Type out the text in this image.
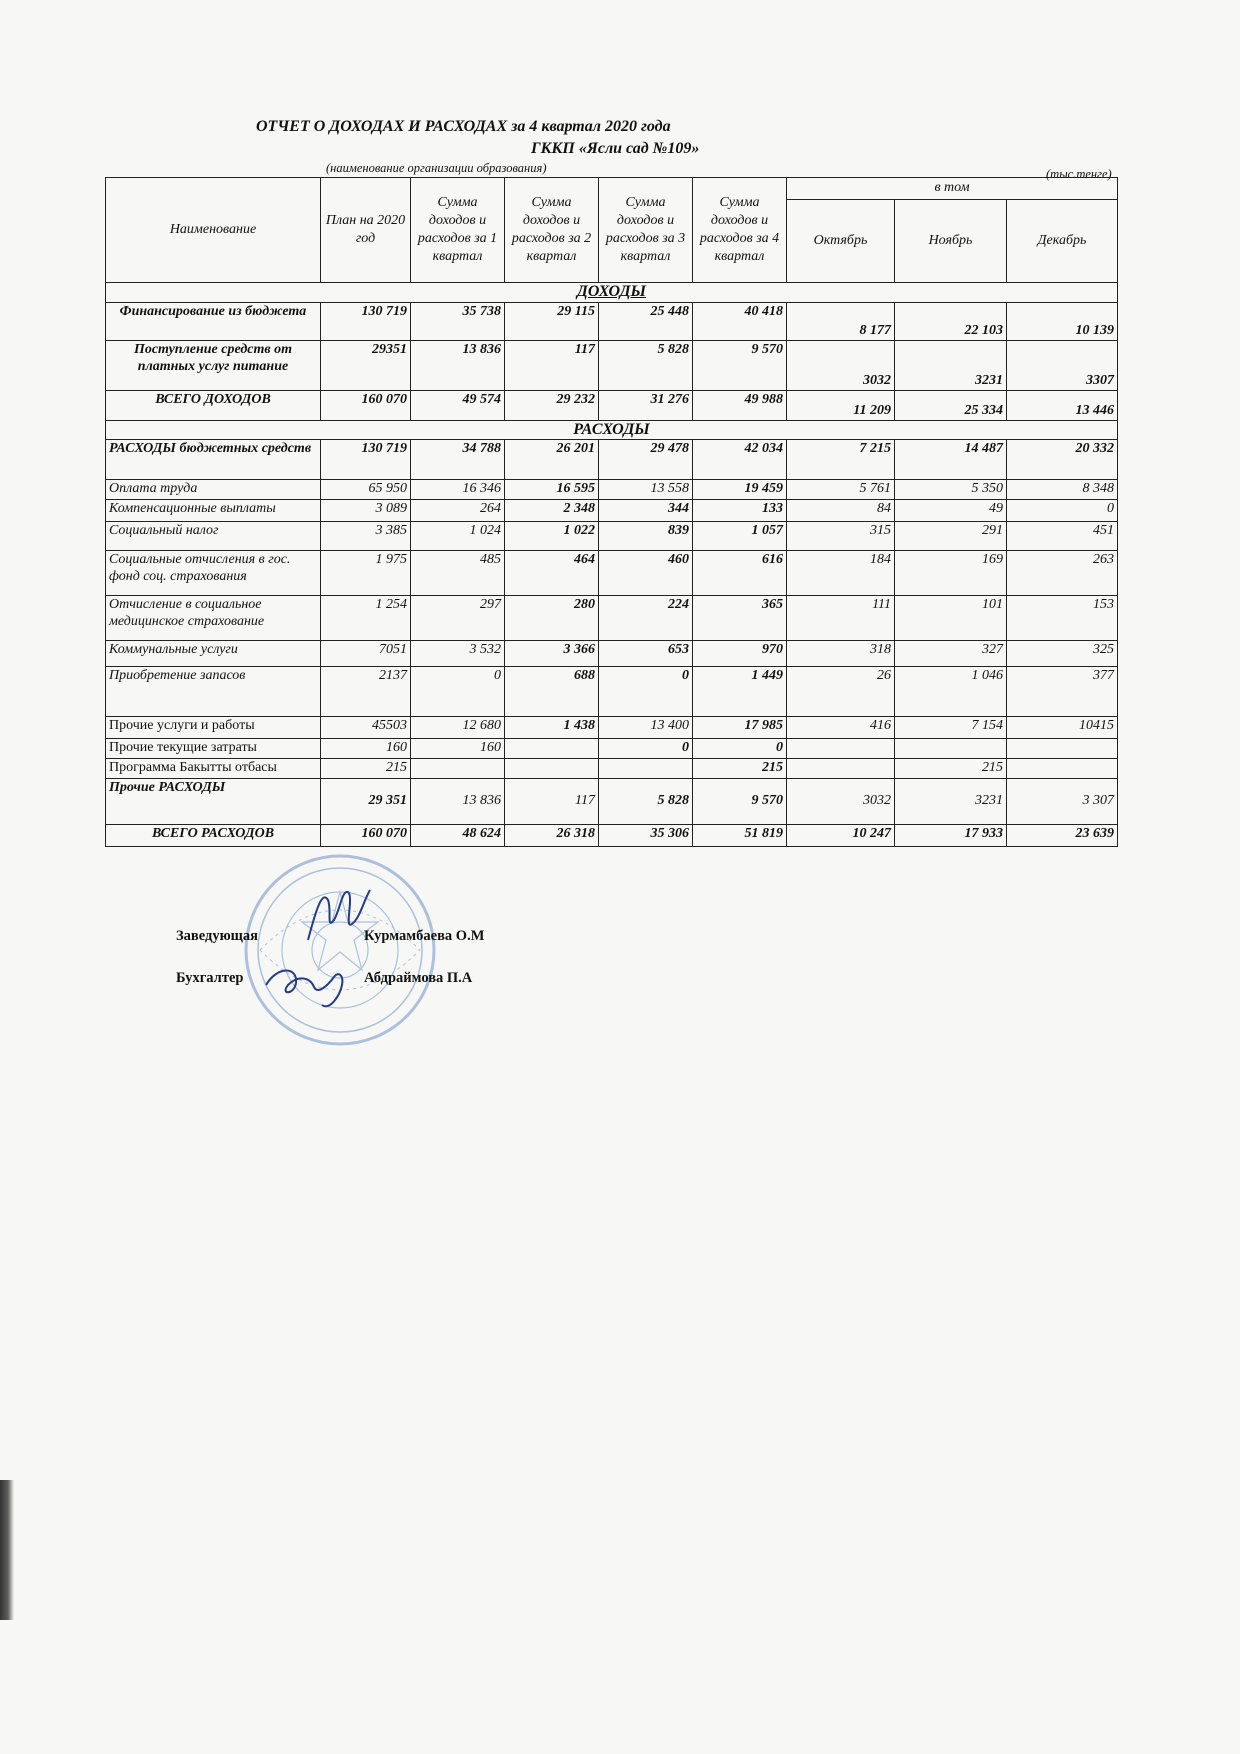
ОТЧЕТ О ДОХОДАХ И РАСХОДАХ за 4 квартал 2020 года
ГККП «Ясли сад №109»
(наименование организации образования)	(тыс.тенге)
Наименование	План на 2020 год	Сумма доходов и расходов за 1 квартал	Сумма доходов и расходов за 2 квартал	Сумма доходов и расходов за 3 квартал	Сумма доходов и расходов за 4 квартал	в том		
						Октябрь	Ноябрь	Декабрь
ДОХОДЫ								
Финансирование из бюджета	130 719	35 738	29 115	25 448	40 418	8 177	22 103	10 139
Поступление средств от платных услуг питание	29351	13 836	117	5 828	9 570	3032	3231	3307
ВСЕГО ДОХОДОВ	160 070	49 574	29 232	31 276	49 988	11 209	25 334	13 446
РАСХОДЫ								
РАСХОДЫ бюджетных средств	130 719	34 788	26 201	29 478	42 034	7 215	14 487	20 332
Оплата труда	65 950	16 346	16 595	13 558	19 459	5 761	5 350	8 348
Компенсационные выплаты	3 089	264	2 348	344	133	84	49	0
Социальный налог	3 385	1 024	1 022	839	1 057	315	291	451
Социальные отчисления в гос. фонд соц. страхования	1 975	485	464	460	616	184	169	263
Отчисление в социальное медицинское страхование	1 254	297	280	224	365	111	101	153
Коммунальные услуги	7051	3 532	3 366	653	970	318	327	325
Приобретение запасов	2137	0	688	0	1 449	26	1 046	377
Прочие услуги и работы	45503	12 680	1 438	13 400	17 985	416	7 154	10415
Прочие текущие затраты	160	160		0	0			
Программа Бакытты отбасы	215				215		215	
Прочие РАСХОДЫ	29 351	13 836	117	5 828	9 570	3032	3231	3 307
ВСЕГО РАСХОДОВ	160 070	48 624	26 318	35 306	51 819	10 247	17 933	23 639
Заведующая	Курмамбаева О.М
Бухгалтер	Абдраймова П.А
